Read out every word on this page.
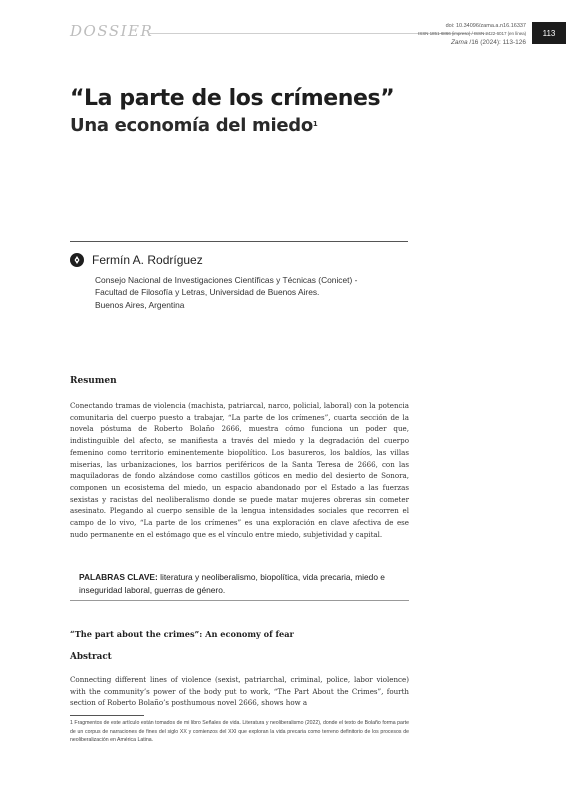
DOSSIER	doi: 10.34096/zama.a.n16.16337
ISSN 1851-6866 (impreso) / ISSN 2422-6017 (en línea)
Zama /16 (2024): 113-126
113
“La parte de los crímenes”
Una economía del miedo$^1$
Fermín A. Rodríguez
Consejo Nacional de Investigaciones Científicas y Técnicas (Conicet) -
Facultad de Filosofía y Letras, Universidad de Buenos Aires.
Buenos Aires, Argentina
Resumen

Conectando tramas de violencia (machista, patriarcal, narco, policial, laboral) con la potencia comunitaria del cuerpo puesto a trabajar, “La parte de los crímenes”, cuarta sección de la novela póstuma de Roberto Bolaño 2666, muestra cómo funciona un poder que, indistinguible del afecto, se manifiesta a través del miedo y la degradación del cuerpo femenino como territorio eminentemente biopolítico. Los basureros, los baldíos, las villas miserias, las urbanizaciones, los barrios periféricos de la Santa Teresa de 2666, con las maquiladoras de fondo alzándose como castillos góticos en medio del desierto de Sonora, componen un ecosistema del miedo, un espacio abandonado por el Estado a las fuerzas sexistas y racistas del neoliberalismo donde se puede matar mujeres obreras sin cometer asesinato. Plegando al cuerpo sensible de la lengua intensidades sociales que recorren el campo de lo vivo, “La parte de los crímenes” es una exploración en clave afectiva de ese nudo permanente en el estómago que es el vínculo entre miedo, subjetividad y capital.

PALABRAS CLAVE: literatura y neoliberalismo, biopolítica, vida precaria, miedo e inseguridad laboral, guerras de género.

“The part about the crimes”: An economy of fear
Abstract

Connecting different lines of violence (sexist, patriarchal, criminal, police, labor violence) with the community’s power of the body put to work, “The Part About the Crimes”, fourth section of Roberto Bolaño’s posthumous novel 2666, shows how a

1 Fragmentos de este artículo están tomados de mi libro Señales de vida. Literatura y neoliberalismo (2022), donde el texto de Bolaño forma parte de un corpus de narraciones de fines del siglo XX y comienzos del XXI que exploran la vida precaria como terreno definitorio de los procesos de neoliberalización en América Latina.
